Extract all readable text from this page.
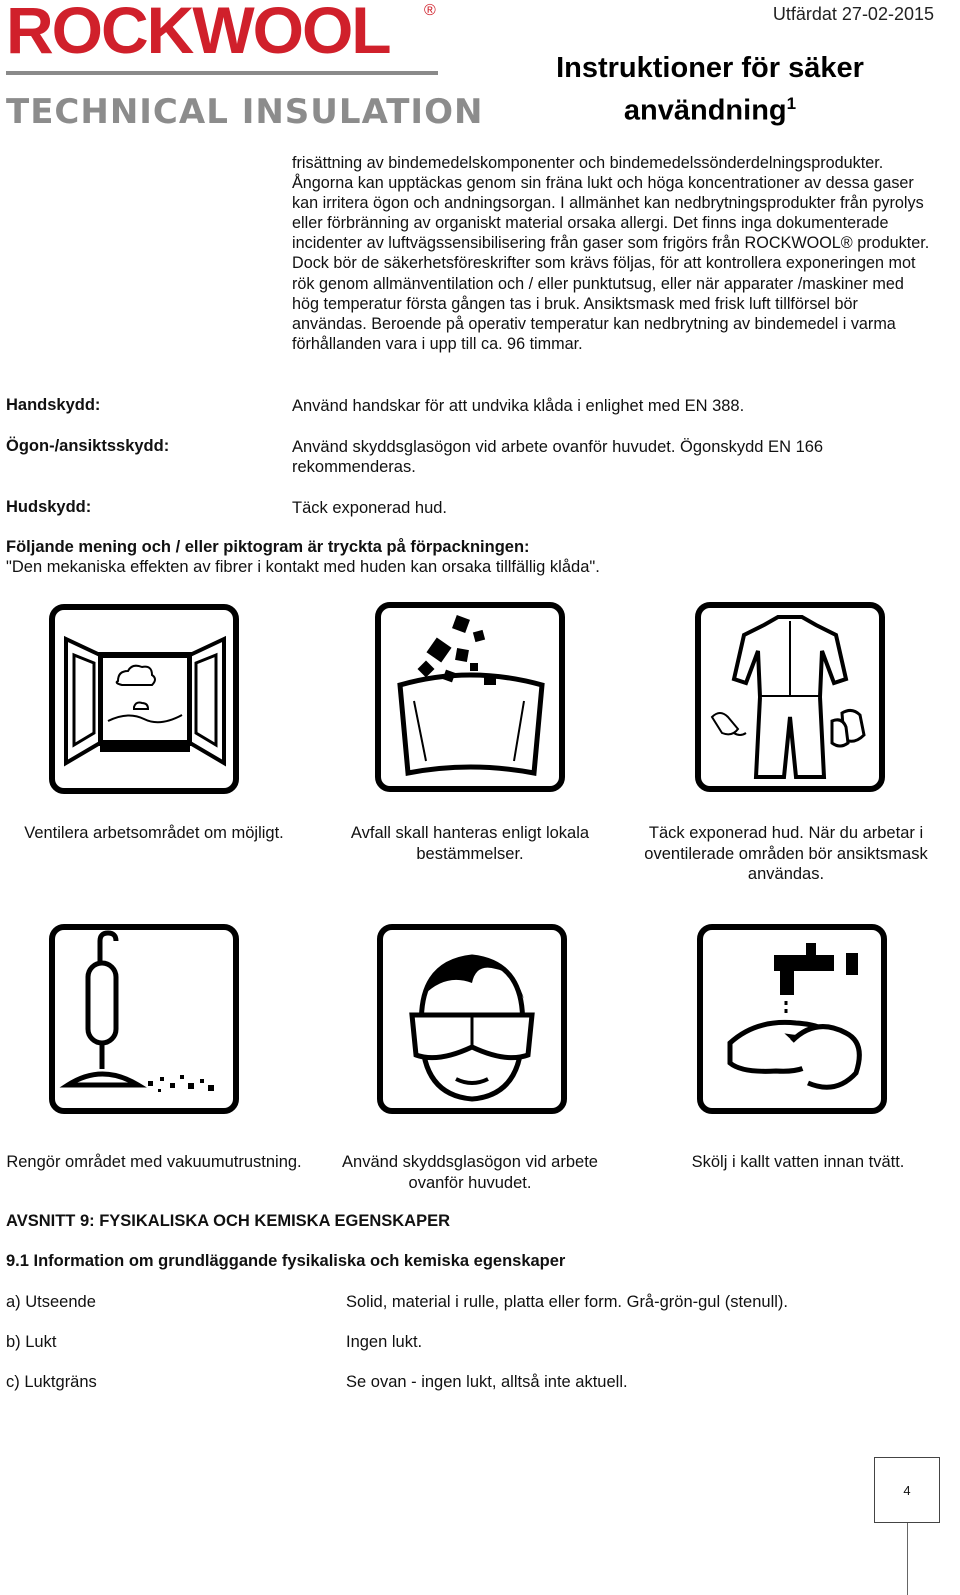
ROCKWOOL ®
TECHNICAL INSULATION
Utfärdat 27-02-2015
Instruktioner för säker användning$^1$
frisättning av bindemedelskomponenter och bindemedelssönderdelningsprodukter. Ångorna kan upptäckas genom sin fräna lukt och höga koncentrationer av dessa gaser kan irritera ögon och andningsorgan. I allmänhet kan nedbrytningsprodukter från pyrolys eller förbränning av organiskt material orsaka allergi. Det finns inga dokumenterade incidenter av luftvägssensibilisering från gaser som frigörs från ROCKWOOL® produkter. Dock bör de säkerhetsföreskrifter som krävs följas, för att kontrollera exponeringen mot rök genom allmänventilation och / eller punktutsug, eller när apparater /maskiner med hög temperatur första gången tas i bruk. Ansiktsmask med frisk luft tillförsel bör användas. Beroende på operativ temperatur kan nedbrytning av bindemedel i varma förhållanden vara i upp till ca. 96 timmar.
Handskydd:	Använd handskar för att undvika klåda i enlighet med EN 388.
Ögon-/ansiktsskydd:	Använd skyddsglasögon vid arbete ovanför huvudet. Ögonskydd EN 166 rekommenderas.
Hudskydd:	Täck exponerad hud.
Följande mening och / eller piktogram är tryckta på förpackningen:
"Den mekaniska effekten av fibrer i kontakt med huden kan orsaka tillfällig klåda".
Ventilera arbetsområdet om möjligt.	Avfall skall hanteras enligt lokala bestämmelser.
Täck exponerad hud. När du arbetar i oventilerade områden bör ansiktsmask användas.
Rengör området med vakuumutrustning.	Använd skyddsglasögon vid arbete ovanför huvudet.
Skölj i kallt vatten innan tvätt.
AVSNITT 9: FYSIKALISKA OCH KEMISKA EGENSKAPER
9.1 Information om grundläggande fysikaliska och kemiska egenskaper
a) Utseende	Solid, material i rulle, platta eller form. Grå-grön-gul (stenull).
b) Lukt	Ingen lukt.
c) Luktgräns	Se ovan - ingen lukt, alltså inte aktuell.
4
